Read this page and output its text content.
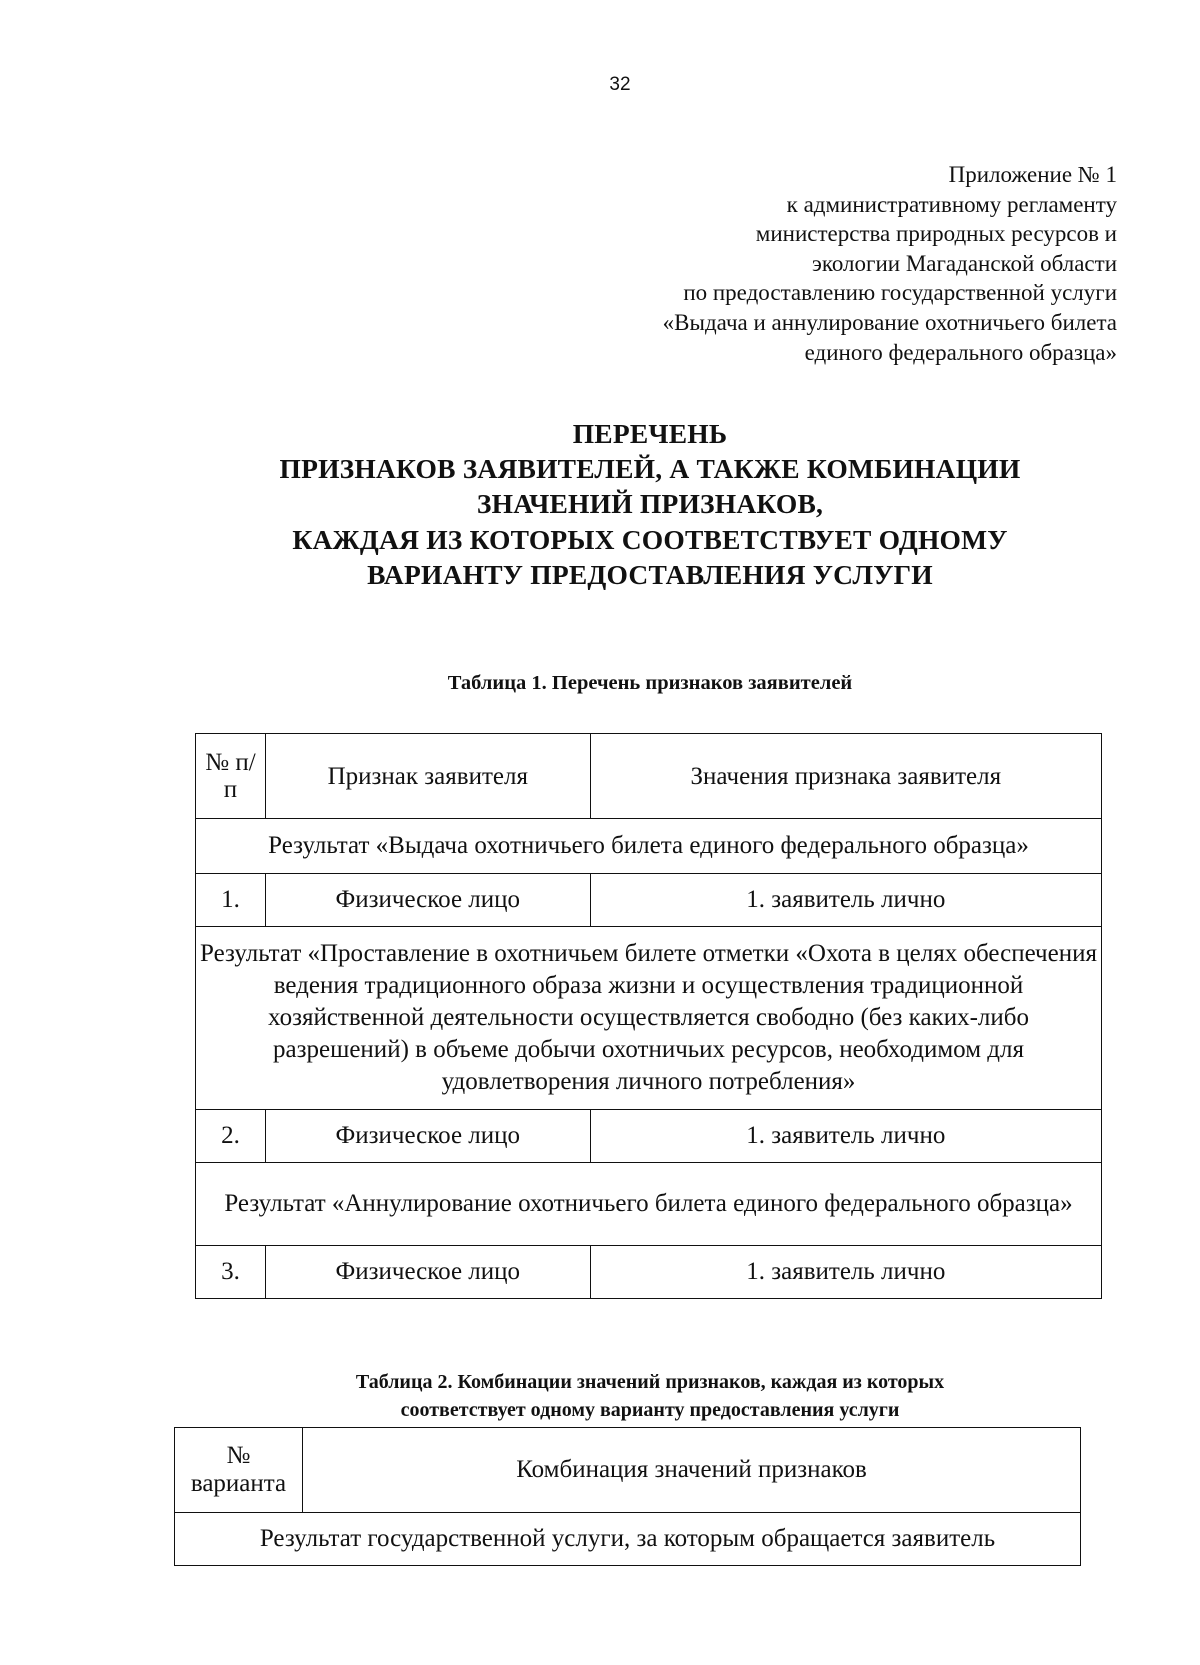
32
Приложение № 1
к административному регламенту
министерства природных ресурсов и
экологии Магаданской области
по предоставлению государственной услуги
«Выдача и аннулирование охотничьего билета
единого федерального образца»
ПЕРЕЧЕНЬ
ПРИЗНАКОВ ЗАЯВИТЕЛЕЙ, А ТАКЖЕ КОМБИНАЦИИ
ЗНАЧЕНИЙ ПРИЗНАКОВ,
КАЖДАЯ ИЗ КОТОРЫХ СООТВЕТСТВУЕТ ОДНОМУ
ВАРИАНТУ ПРЕДОСТАВЛЕНИЯ УСЛУГИ
Таблица 1. Перечень признаков заявителей
№ п/п	Признак заявителя	Значения признака заявителя
Результат «Выдача охотничьего билета единого федерального образца»		
1.	Физическое лицо	1. заявитель лично
Результат «Проставление в охотничьем билете отметки «Охота в целях обеспечения ведения традиционного образа жизни и осуществления традиционной хозяйственной деятельности осуществляется свободно (без каких-либо разрешений) в объеме добычи охотничьих ресурсов, необходимом для удовлетворения личного потребления»		
2.	Физическое лицо	1. заявитель лично
Результат «Аннулирование охотничьего билета единого федерального образца»		
3.	Физическое лицо	1. заявитель лично
Таблица 2. Комбинации значений признаков, каждая из которых
соответствует одному варианту предоставления услуги
№ варианта	Комбинация значений признаков
Результат государственной услуги, за которым обращается заявитель
